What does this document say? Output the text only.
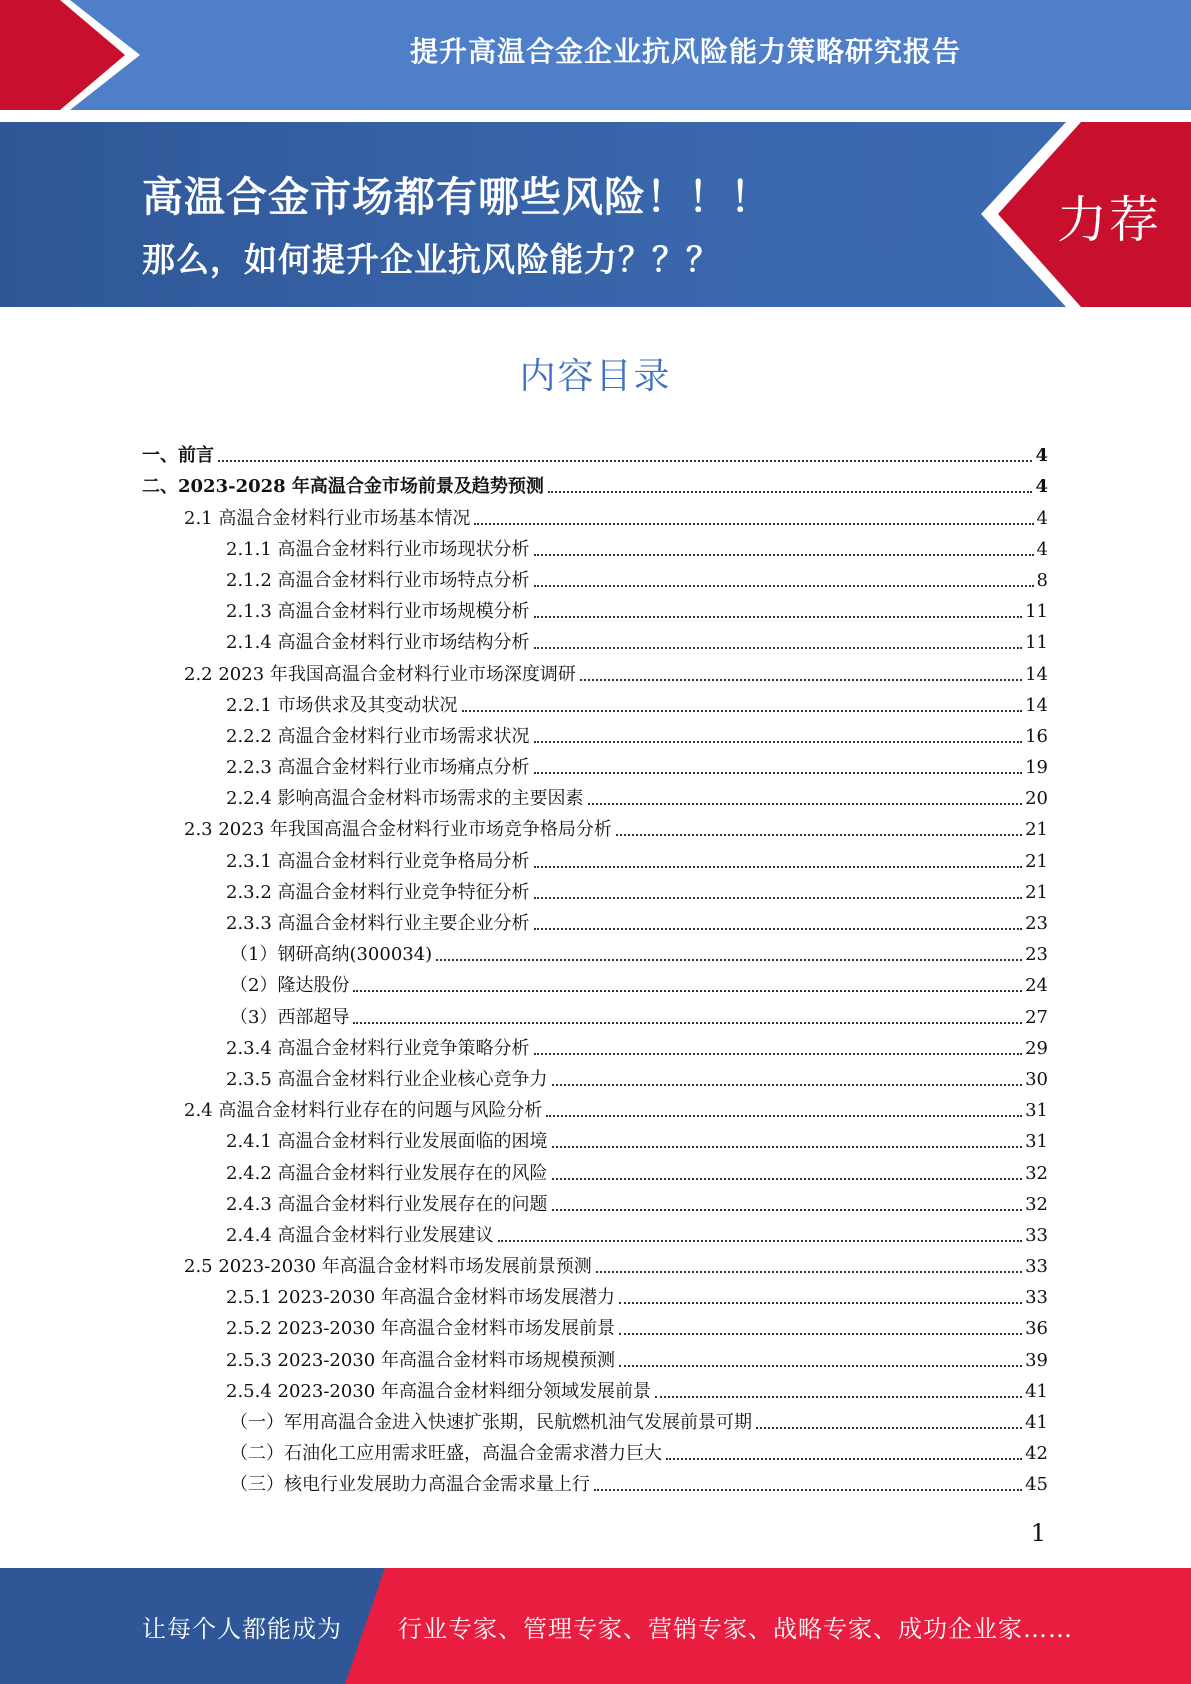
提升高温合金企业抗风险能力策略研究报告
高温合金市场都有哪些风险！！！
那么，如何提升企业抗风险能力？？？
力荐
内容目录
一、前言	4
二、2023-2028 年高温合金市场前景及趋势预测	4
2.1 高温合金材料行业市场基本情况	4
2.1.1 高温合金材料行业市场现状分析	4
2.1.2 高温合金材料行业市场特点分析	8
2.1.3 高温合金材料行业市场规模分析	11
2.1.4 高温合金材料行业市场结构分析	11
2.2 2023 年我国高温合金材料行业市场深度调研	14
2.2.1 市场供求及其变动状况	14
2.2.2 高温合金材料行业市场需求状况	16
2.2.3 高温合金材料行业市场痛点分析	19
2.2.4 影响高温合金材料市场需求的主要因素	20
2.3 2023 年我国高温合金材料行业市场竞争格局分析	21
2.3.1 高温合金材料行业竞争格局分析	21
2.3.2 高温合金材料行业竞争特征分析	21
2.3.3 高温合金材料行业主要企业分析	23
（1）钢研高纳(300034)	23
（2）隆达股份	24
（3）西部超导	27
2.3.4 高温合金材料行业竞争策略分析	29
2.3.5 高温合金材料行业企业核心竞争力	30
2.4 高温合金材料行业存在的问题与风险分析	31
2.4.1 高温合金材料行业发展面临的困境	31
2.4.2 高温合金材料行业发展存在的风险	32
2.4.3 高温合金材料行业发展存在的问题	32
2.4.4 高温合金材料行业发展建议	33
2.5 2023-2030 年高温合金材料市场发展前景预测	33
2.5.1 2023-2030 年高温合金材料市场发展潜力	33
2.5.2 2023-2030 年高温合金材料市场发展前景	36
2.5.3 2023-2030 年高温合金材料市场规模预测	39
2.5.4 2023-2030 年高温合金材料细分领域发展前景	41
（一）军用高温合金进入快速扩张期，民航燃机油气发展前景可期	41
（二）石油化工应用需求旺盛，高温合金需求潜力巨大	42
（三）核电行业发展助力高温合金需求量上行	45
1
让每个人都能成为 行业专家、管理专家、营销专家、战略专家、成功企业家……
